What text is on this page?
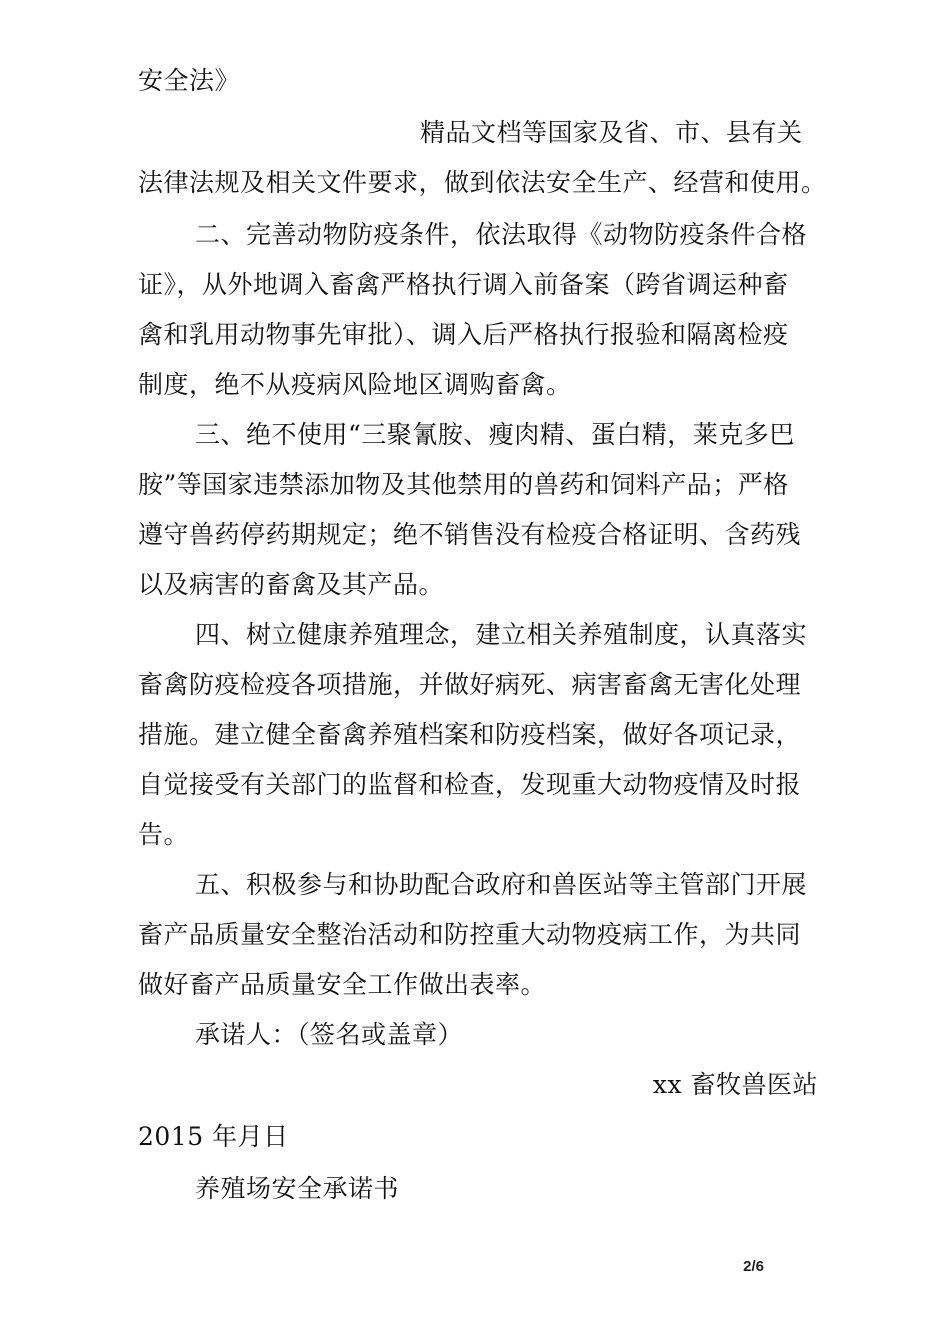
安全法》
精品文档等国家及省、市、县有关
法律法规及相关文件要求，做到依法安全生产、经营和使用。
二、完善动物防疫条件，依法取得《动物防疫条件合格
证》，从外地调入畜禽严格执行调入前备案（跨省调运种畜
禽和乳用动物事先审批）、调入后严格执行报验和隔离检疫
制度，绝不从疫病风险地区调购畜禽。
三、绝不使用“三聚氰胺、瘦肉精、蛋白精，莱克多巴
胺”等国家违禁添加物及其他禁用的兽药和饲料产品；严格
遵守兽药停药期规定；绝不销售没有检疫合格证明、含药残
以及病害的畜禽及其产品。
四、树立健康养殖理念，建立相关养殖制度，认真落实
畜禽防疫检疫各项措施，并做好病死、病害畜禽无害化处理
措施。建立健全畜禽养殖档案和防疫档案，做好各项记录，
自觉接受有关部门的监督和检查，发现重大动物疫情及时报
告。
五、积极参与和协助配合政府和兽医站等主管部门开展
畜产品质量安全整治活动和防控重大动物疫病工作，为共同
做好畜产品质量安全工作做出表率。
承诺人：（签名或盖章）
xx 畜牧兽医站
2015 年月日
养殖场安全承诺书
2/6
